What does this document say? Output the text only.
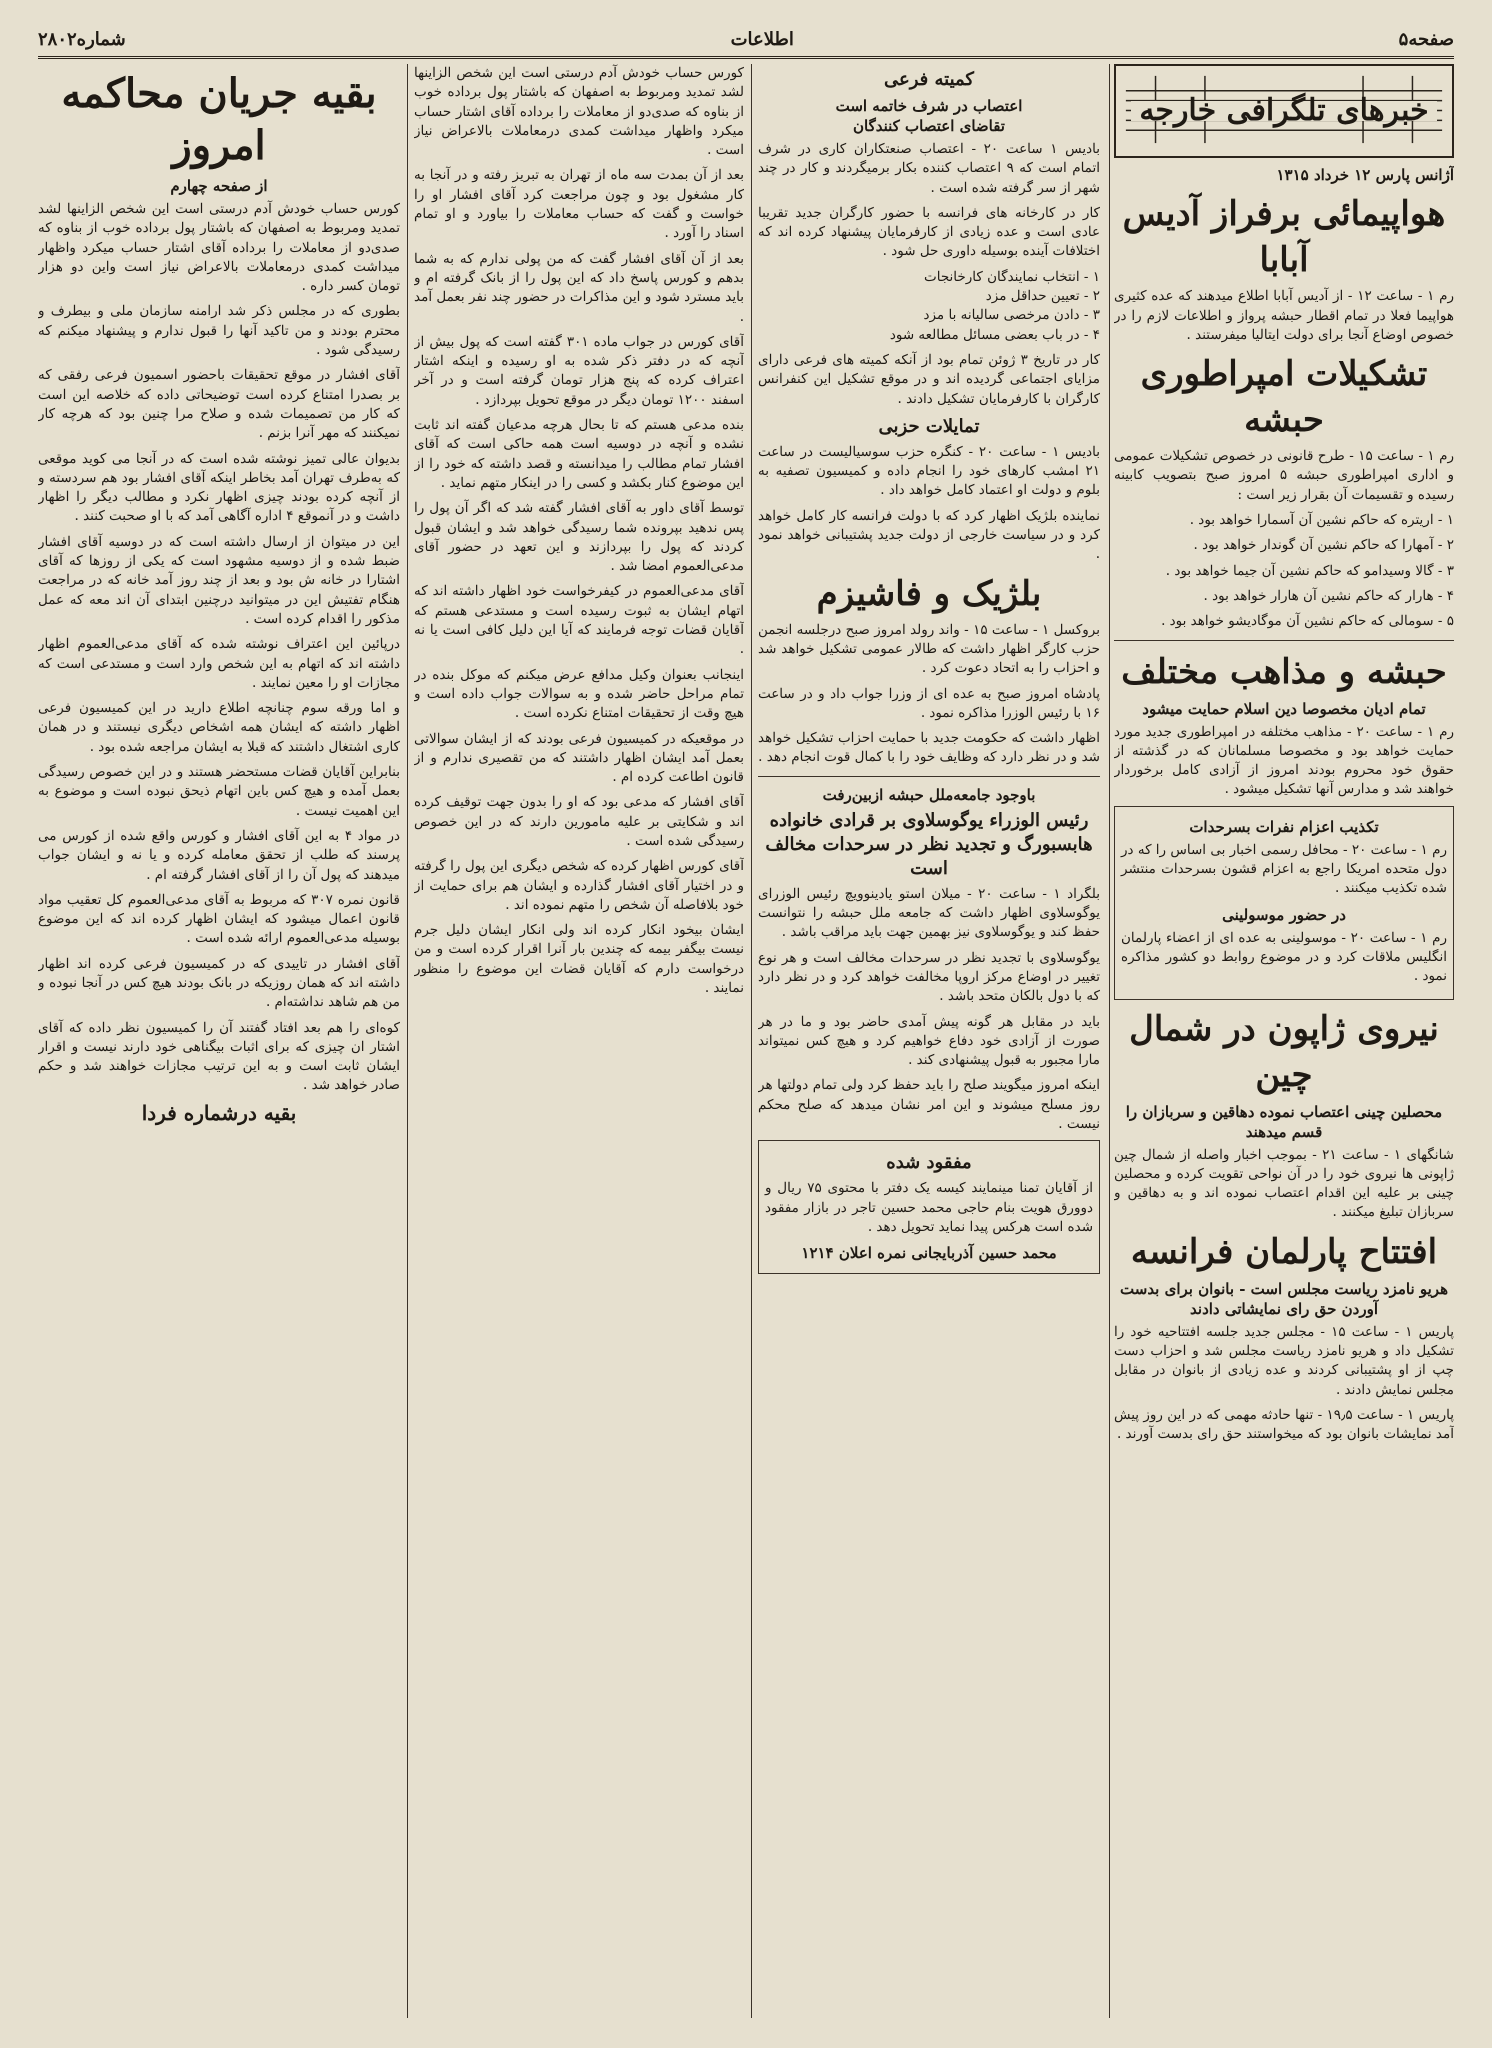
صفحه۵
اطلاعات
شماره۲۸۰۲
خبرهای تلگرافی خارجه
آژانس پارس ۱۲ خرداد ۱۳۱۵
هواپیمائی برفراز آدیس آبابا

رم ۱ - ساعت ۱۲ - از آدیس آبابا اطلاع میدهند که عده کثیری هواپیما فعلا در تمام اقطار حبشه پرواز و اطلاعات لازم را در خصوص اوضاع آنجا برای دولت ایتالیا میفرستند .

تشکیلات امپراطوری حبشه

رم ۱ - ساعت ۱۵ - طرح قانونی در خصوص تشکیلات عمومی و اداری امپراطوری حبشه ۵ امروز صبح بتصویب کابینه رسیده و تقسیمات آن بقرار زیر است :

۱ - اریتره که حاکم نشین آن آسمارا خواهد بود .

۲ - آمهارا که حاکم نشین آن گوندار خواهد بود .

۳ - گالا وسیدامو که حاکم نشین آن جیما خواهد بود .

۴ - هارار که حاکم نشین آن هارار خواهد بود .

۵ - سومالی که حاکم نشین آن موگادیشو خواهد بود .

حبشه و مذاهب مختلف
تمام ادیان مخصوصا دین اسلام حمایت میشود

رم ۱ - ساعت ۲۰ - مذاهب مختلفه در امپراطوری جدید مورد حمایت خواهد بود و مخصوصا مسلمانان که در گذشته از حقوق خود محروم بودند امروز از آزادی کامل برخوردار خواهند شد و مدارس آنها تشکیل میشود .

تکذیب اعزام نفرات بسرحدات

رم ۱ - ساعت ۲۰ - محافل رسمی اخبار بی اساس را که در دول متحده امریکا راجع به اعزام قشون بسرحدات منتشر شده تکذیب میکنند .

در حضور موسولینی

رم ۱ - ساعت ۲۰ - موسولینی به عده ای از اعضاء پارلمان انگلیس ملاقات کرد و در موضوع روابط دو کشور مذاکره نمود .

نیروی ژاپون در شمال چین
محصلین چینی اعتصاب نموده‌ دهاقین و سربازان را قسم میدهند

شانگهای ۱ - ساعت ۲۱ - بموجب اخبار واصله از شمال چین ژاپونی ها نیروی خود را در آن نواحی تقویت کرده و محصلین چینی بر علیه این اقدام اعتصاب نموده اند و به دهاقین و سربازان تبلیغ میکنند .

افتتاح پارلمان فرانسه
هریو نامزد ریاست مجلس است - بانوان برای بدست آوردن حق رای نمایشاتی دادند

پاریس ۱ - ساعت ۱۵ - مجلس جدید جلسه افتتاحیه خود را تشکیل داد و هریو نامزد ریاست مجلس شد و احزاب دست چپ از او پشتیبانی کردند و عده زیادی از بانوان در مقابل مجلس نمایش دادند .

پاریس ۱ - ساعت ۱۹٫۵ - تنها حادثه مهمی که در این روز پیش آمد نمایشات بانوان بود که میخواستند حق رای بدست آورند .

کمیته فرعی
اعتصاب در شرف خاتمه است
تقاضای اعتصاب کنندگان

بادیس ۱ ساعت ۲۰ - اعتصاب صنعتکاران کاری در شرف اتمام است که ۹ اعتصاب کننده بکار برمیگردند و کار در چند شهر از سر گرفته شده است .

کار در کارخانه های فرانسه با حضور کارگران جدید تقریبا عادی است و عده زیادی از کارفرمایان پیشنهاد کرده اند که اختلافات آینده بوسیله داوری حل شود .

۱ - انتخاب نمایندگان کارخانجات
۲ - تعیین حداقل مزد
۳ - دادن مرخصی سالیانه با مزد
۴ - در باب بعضی مسائل مطالعه شود

کار در تاریخ ۳ ژوئن تمام بود از آنکه کمیته های فرعی دارای مزایای اجتماعی گردیده اند و در موقع تشکیل این کنفرانس کارگران با کارفرمایان تشکیل دادند .

تمایلات حزبی

بادیس ۱ - ساعت ۲۰ - کنگره حزب سوسیالیست در ساعت ۲۱ امشب کارهای خود را انجام داده و کمیسیون تصفیه به بلوم و دولت او اعتماد کامل خواهد داد .

نماینده بلژیک اظهار کرد که با دولت فرانسه کار کامل خواهد کرد و در سیاست خارجی از دولت جدید پشتیبانی خواهد نمود .

بلژیک و فاشیزم

بروکسل ۱ - ساعت ۱۵ - واند رولد امروز صبح درجلسه انجمن حزب کارگر اظهار داشت که طالار عمومی تشکیل خواهد شد و احزاب را به اتحاد دعوت کرد .

پادشاه امروز صبح به عده ای از وزرا جواب داد و در ساعت ۱۶ با رئیس الوزرا مذاکره نمود .

اظهار داشت که حکومت جدید با حمایت احزاب تشکیل خواهد شد و در نظر دارد که وظایف خود را با کمال قوت انجام دهد .

باوجود جامعه‌ملل حبشه ازبین‌رفت
رئیس الوزراء یوگوسلاوی بر قرادی خانواده هابسبورگ و تجدید نظر در سرحدات مخالف است

بلگراد ۱ - ساعت ۲۰ - میلان استو یادینوویچ رئیس الوزرای یوگوسلاوی اظهار داشت که جامعه ملل حبشه را نتوانست حفظ کند و یوگوسلاوی نیز بهمین جهت باید مراقب باشد .

یوگوسلاوی با تجدید نظر در سرحدات مخالف است و هر نوع تغییر در اوضاع مرکز اروپا مخالفت خواهد کرد و در نظر دارد که با دول بالکان متحد باشد .

باید در مقابل هر گونه پیش آمدی حاضر بود و ما در هر صورت از آزادی خود دفاع خواهیم کرد و هیچ کس نمیتواند مارا مجبور به قبول پیشنهادی کند .

اینکه امروز میگویند صلح را باید حفظ کرد ولی تمام دولتها هر روز مسلح میشوند و این امر نشان میدهد که صلح محکم نیست .

مفقود شده

از آقایان تمنا مینمایند کیسه یک دفتر با محتوی ۷۵ ریال و دوورق هویت بنام حاجی محمد حسین تاجر در بازار مفقود شده است هرکس پیدا نماید تحویل دهد .

محمد حسین آذربایجانی نمره اعلان ۱۲۱۴

کورس حساب خودش آدم درستی است این شخص الزاینها لشد تمدید ومربوط به اصفهان که باشتار پول برداده خوب از بناوه که صدی‌دو از معاملات را برداده آقای اشتار حساب میکرد واظهار میداشت کمدی درمعاملات بالاعراض نیاز است .

بعد از آن بمدت سه ماه از تهران به تبریز رفته و در آنجا به کار مشغول بود و چون مراجعت کرد آقای افشار او را خواست و گفت که حساب معاملات را بیاورد و او تمام اسناد را آورد .

بعد از آن آقای افشار گفت که من پولی ندارم که به شما بدهم و کورس پاسخ داد که این پول را از بانک گرفته ام و باید مسترد شود و این مذاکرات در حضور چند نفر بعمل آمد .

آقای کورس در جواب ماده ۳۰۱ گفته است که پول بیش از آنچه که در دفتر ذکر شده به او رسیده و اینکه اشتار اعتراف کرده که پنج هزار تومان گرفته است و در آخر اسفند ۱۲۰۰ تومان دیگر در موقع تحویل بپردازد .

بنده مدعی هستم که تا بحال هرچه مدعیان گفته اند ثابت نشده و آنچه در دوسیه است همه حاکی است که آقای افشار تمام مطالب را میدانسته و قصد داشته که خود را از این موضوع کنار بکشد و کسی را در اینکار متهم نماید .

توسط آقای داور به آقای افشار گفته شد که اگر آن پول را پس ندهید بپرونده شما رسیدگی خواهد شد و ایشان قبول کردند که پول را بپردازند و این تعهد در حضور آقای مدعی‌العموم امضا شد .

آقای مدعی‌العموم در کیفرخواست خود اظهار داشته اند که اتهام ایشان به ثبوت رسیده است و مستدعی هستم که آقایان قضات توجه فرمایند که آیا این دلیل کافی است یا نه .

اینجانب بعنوان وکیل مدافع عرض میکنم که موکل بنده در تمام مراحل حاضر شده و به سوالات جواب داده است و هیچ وقت از تحقیقات امتناع نکرده است .

در موقعیکه در کمیسیون فرعی بودند که از ایشان سوالاتی بعمل آمد ایشان اظهار داشتند که من تقصیری ندارم و از قانون اطاعت کرده ام .

آقای افشار که مدعی بود که او را بدون جهت توقیف کرده اند و شکایتی بر علیه مامورین دارند که در این خصوص رسیدگی شده است .

آقای کورس اظهار کرده که شخص دیگری این پول را گرفته و در اختیار آقای افشار گذارده و ایشان هم برای حمایت از خود بلافاصله آن شخص را متهم نموده اند .

ایشان بیخود انکار کرده اند ولی انکار ایشان دلیل جرم نیست بیگفر بیمه که چندین بار آنرا اقرار کرده است و من درخواست دارم که آقایان قضات این موضوع را منظور نمایند .

بقیه جریان محاکمه امروز
از صفحه چهارم

کورس حساب خودش آدم درستی است این شخص الزاینها لشد تمدید ومربوط به اصفهان که باشتار پول برداده خوب از بناوه که صدی‌دو از معاملات را برداده آقای اشتار حساب میکرد واظهار میداشت کمدی درمعاملات بالاعراض نیاز است واین دو هزار تومان کسر داره .

بطوری که در مجلس ذکر شد ارامنه سازمان ملی و بیطرف و محترم بودند و من تاکید آنها را قبول ندارم و پیشنهاد میکنم که رسیدگی شود .

آقای افشار در موقع تحقیقات باحضور اسمیون فرعی رفقی که بر بصدرا امتناع کرده است توضیحاتی داده که خلاصه این است که کار من تصمیمات شده و صلاح مرا چنین بود که هرچه کار نمیکنند که مهر آنرا بزنم .

بدیوان عالی تمیز نوشته شده است که در آنجا می کوید موقعی که به‌طرف تهران آمد بخاطر اینکه آقای افشار بود هم سردسته و از آنچه کرده بودند چیزی اظهار نکرد و مطالب دیگر را اظهار داشت و در آنموقع ۴ اداره آگاهی آمد که با او صحبت کنند .

این در میتوان از ارسال داشته است که در دوسیه آقای افشار ضبط شده و از دوسیه مشهود است که یکی از روزها که آقای اشتارا در خانه ش بود و بعد از چند روز آمد خانه که در مراجعت هنگام تفتیش این در میتوانید درچنین ابتدای آن اند معه که عمل مذکور را اقدام کرده است .

درپائین این اعتراف نوشته شده که آقای مدعی‌العموم اظهار داشته اند که اتهام به این شخص وارد است و مستدعی است که مجازات او را معین نمایند .

و اما ورقه سوم چنانچه اطلاع دارید در این کمیسیون فرعی اظهار داشته که ایشان همه اشخاص دیگری نیستند و در همان کاری اشتغال داشتند که قبلا به ایشان مراجعه شده بود .

بنابراین آقایان قضات مستحضر هستند و در این خصوص رسیدگی بعمل آمده و هیچ کس باین اتهام ذیحق نبوده است و موضوع به این اهمیت نیست .

در مواد ۴ به این آقای افشار و کورس واقع شده از کورس می پرسند که طلب از تحقق معامله کرده و یا نه و ایشان جواب میدهند که پول آن را از آقای افشار گرفته ام .

قانون نمره ۳۰۷ که مربوط به آقای مدعی‌العموم کل تعقیب مواد قانون اعمال میشود که ایشان اظهار کرده اند که این موضوع بوسیله مدعی‌العموم ارائه شده است .

آقای افشار در تاییدی که در کمیسیون فرعی کرده اند اظهار داشته اند که همان روزیکه در بانک بودند هیچ کس در آنجا نبوده و من هم شاهد نداشته‌ام .

کوه‌ای را هم بعد افتاد گفتند آن را کمیسیون نظر داده که آقای اشتار ان چیزی که برای اثبات بیگناهی خود دارند نیست و اقرار ایشان ثابت است و به این ترتیب مجازات خواهند شد و حکم صادر خواهد شد .

بقیه درشماره فردا
